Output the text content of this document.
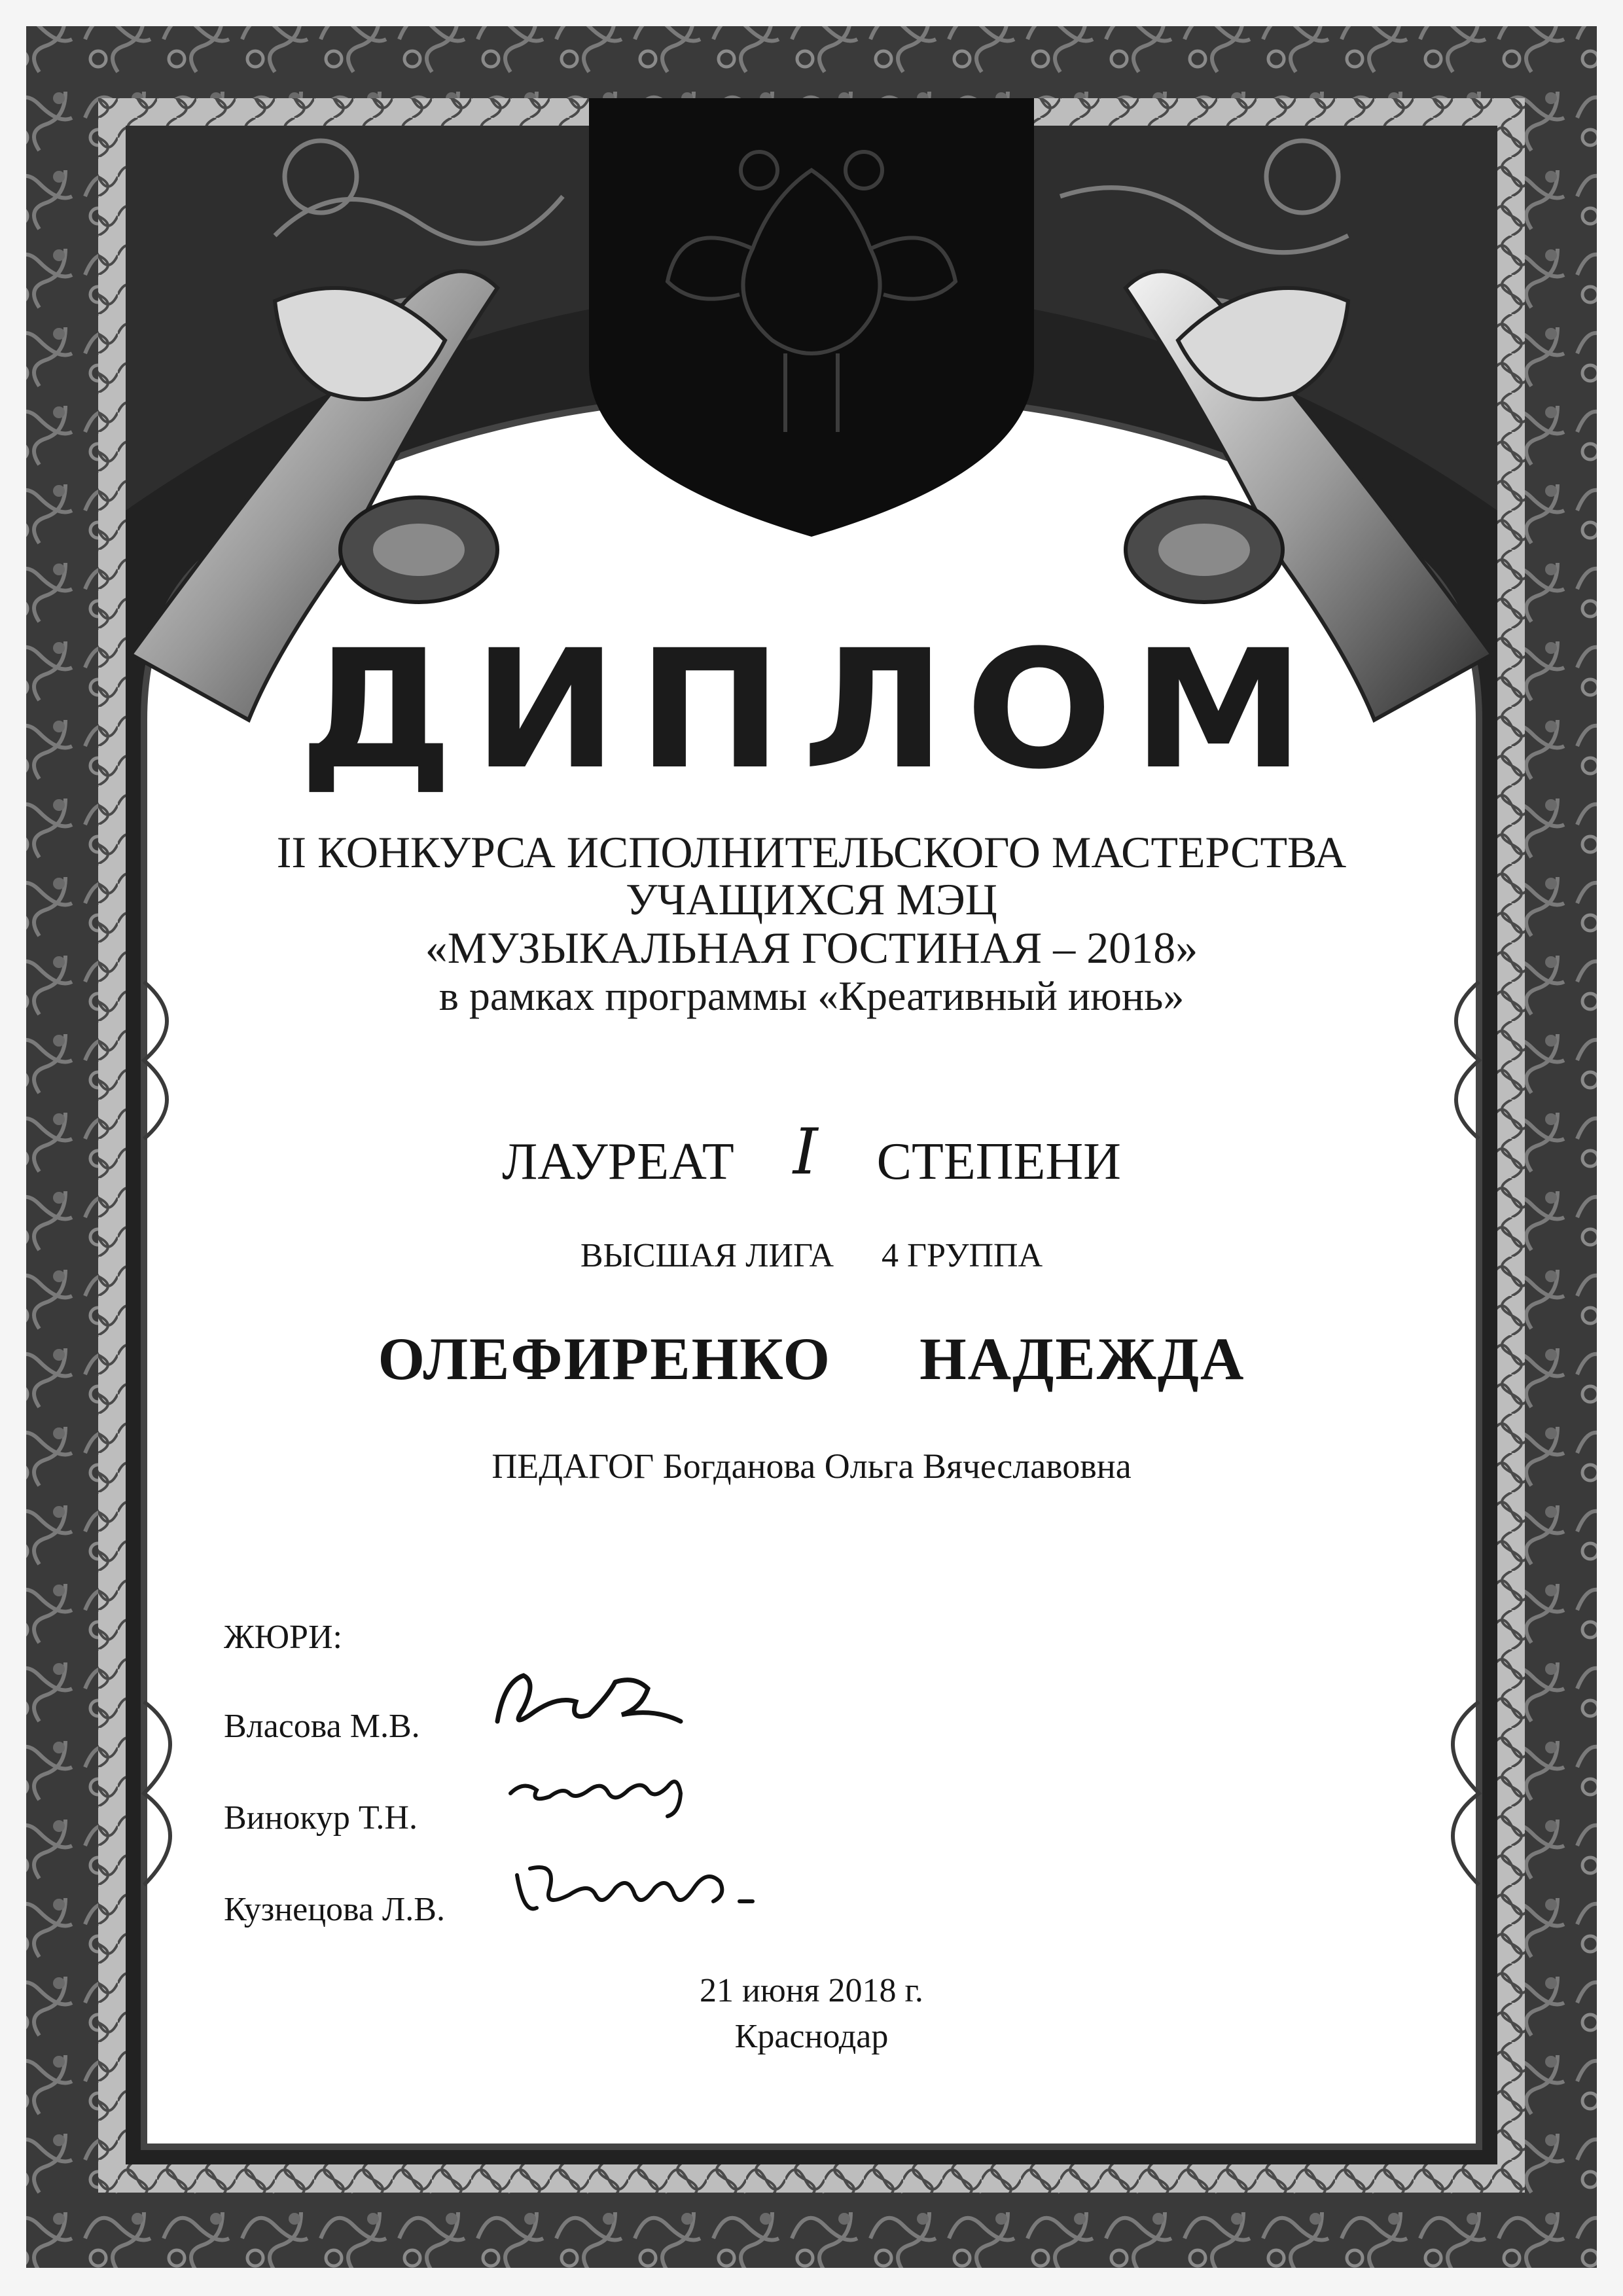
ДИПЛОМ
II КОНКУРСА ИСПОЛНИТЕЛЬСКОГО МАСТЕРСТВА
УЧАЩИХСЯ МЭЦ
«МУЗЫКАЛЬНАЯ ГОСТИНАЯ – 2018»
в рамках программы «Креативный июнь»
ЛАУРЕАТ I СТЕПЕНИ
ВЫСШАЯ ЛИГА 4 ГРУППА
ОЛЕФИРЕНКО НАДЕЖДА
ПЕДАГОГ Богданова Ольга Вячеславовна
ЖЮРИ:
Власова М.В.
Винокур Т.Н.
Кузнецова Л.В.
21 июня 2018 г.
Краснодар
